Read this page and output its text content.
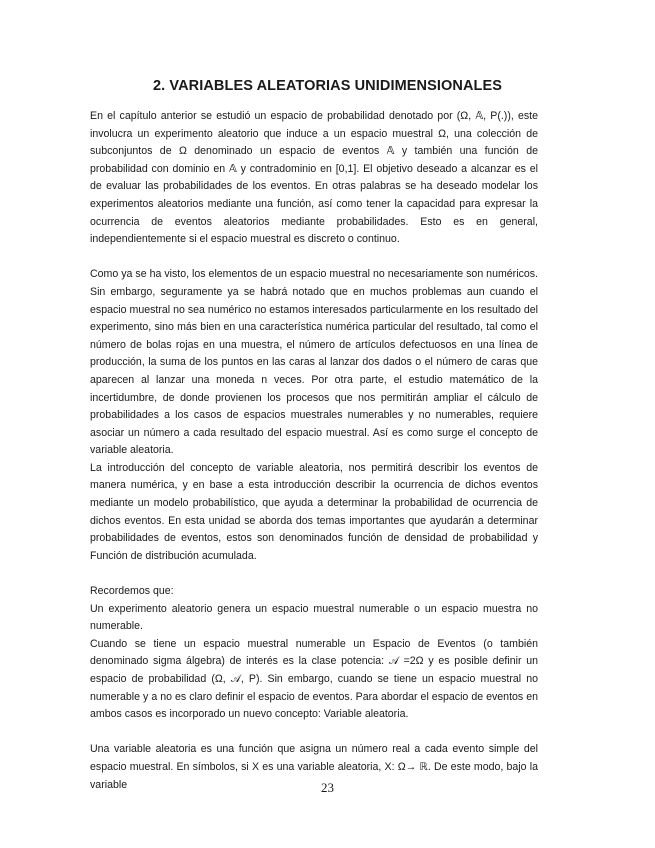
2. VARIABLES ALEATORIAS UNIDIMENSIONALES

En el capítulo anterior se estudió un espacio de probabilidad denotado por (Ω, 𝔸, P(.)), este involucra un experimento aleatorio que induce a un espacio muestral Ω, una colección de subconjuntos de Ω denominado un espacio de eventos 𝔸 y también una función de probabilidad con dominio en 𝔸 y contradominio en [0,1]. El objetivo deseado a alcanzar es el de evaluar las probabilidades de los eventos. En otras palabras se ha deseado modelar los experimentos aleatorios mediante una función, así como tener la capacidad para expresar la ocurrencia de eventos aleatorios mediante probabilidades. Esto es en general, independientemente si el espacio muestral es discreto o continuo.

Como ya se ha visto, los elementos de un espacio muestral no necesariamente son numéricos. Sin embargo, seguramente ya se habrá notado que en muchos problemas aun cuando el espacio muestral no sea numérico no estamos interesados particularmente en los resultado del experimento, sino más bien en una característica numérica particular del resultado, tal como el número de bolas rojas en una muestra, el número de artículos defectuosos en una línea de producción, la suma de los puntos en las caras al lanzar dos dados o el número de caras que aparecen al lanzar una moneda n veces. Por otra parte, el estudio matemático de la incertidumbre, de donde provienen los procesos que nos permitirán ampliar el cálculo de probabilidades a los casos de espacios muestrales numerables y no numerables, requiere asociar un número a cada resultado del espacio muestral. Así es como surge el concepto de variable aleatoria.

La introducción del concepto de variable aleatoria, nos permitirá describir los eventos de manera numérica, y en base a esta introducción describir la ocurrencia de dichos eventos mediante un modelo probabilístico, que ayuda a determinar la probabilidad de ocurrencia de dichos eventos. En esta unidad se aborda dos temas importantes que ayudarán a determinar probabilidades de eventos, estos son denominados función de densidad de probabilidad y Función de distribución acumulada.

Recordemos que:

Un experimento aleatorio genera un espacio muestral numerable o un espacio muestra no numerable.

Cuando se tiene un espacio muestral numerable un Espacio de Eventos (o también denominado sigma álgebra) de interés es la clase potencia: 𝒜 =2Ω y es posible definir un espacio de probabilidad (Ω, 𝒜, P). Sin embargo, cuando se tiene un espacio muestral no numerable y a no es claro definir el espacio de eventos. Para abordar el espacio de eventos en ambos casos es incorporado un nuevo concepto: Variable aleatoria.

Una variable aleatoria es una función que asigna un número real a cada evento simple del espacio muestral. En símbolos, si X es una variable aleatoria, X: Ω→ ℝ. De este modo, bajo la variable	23
